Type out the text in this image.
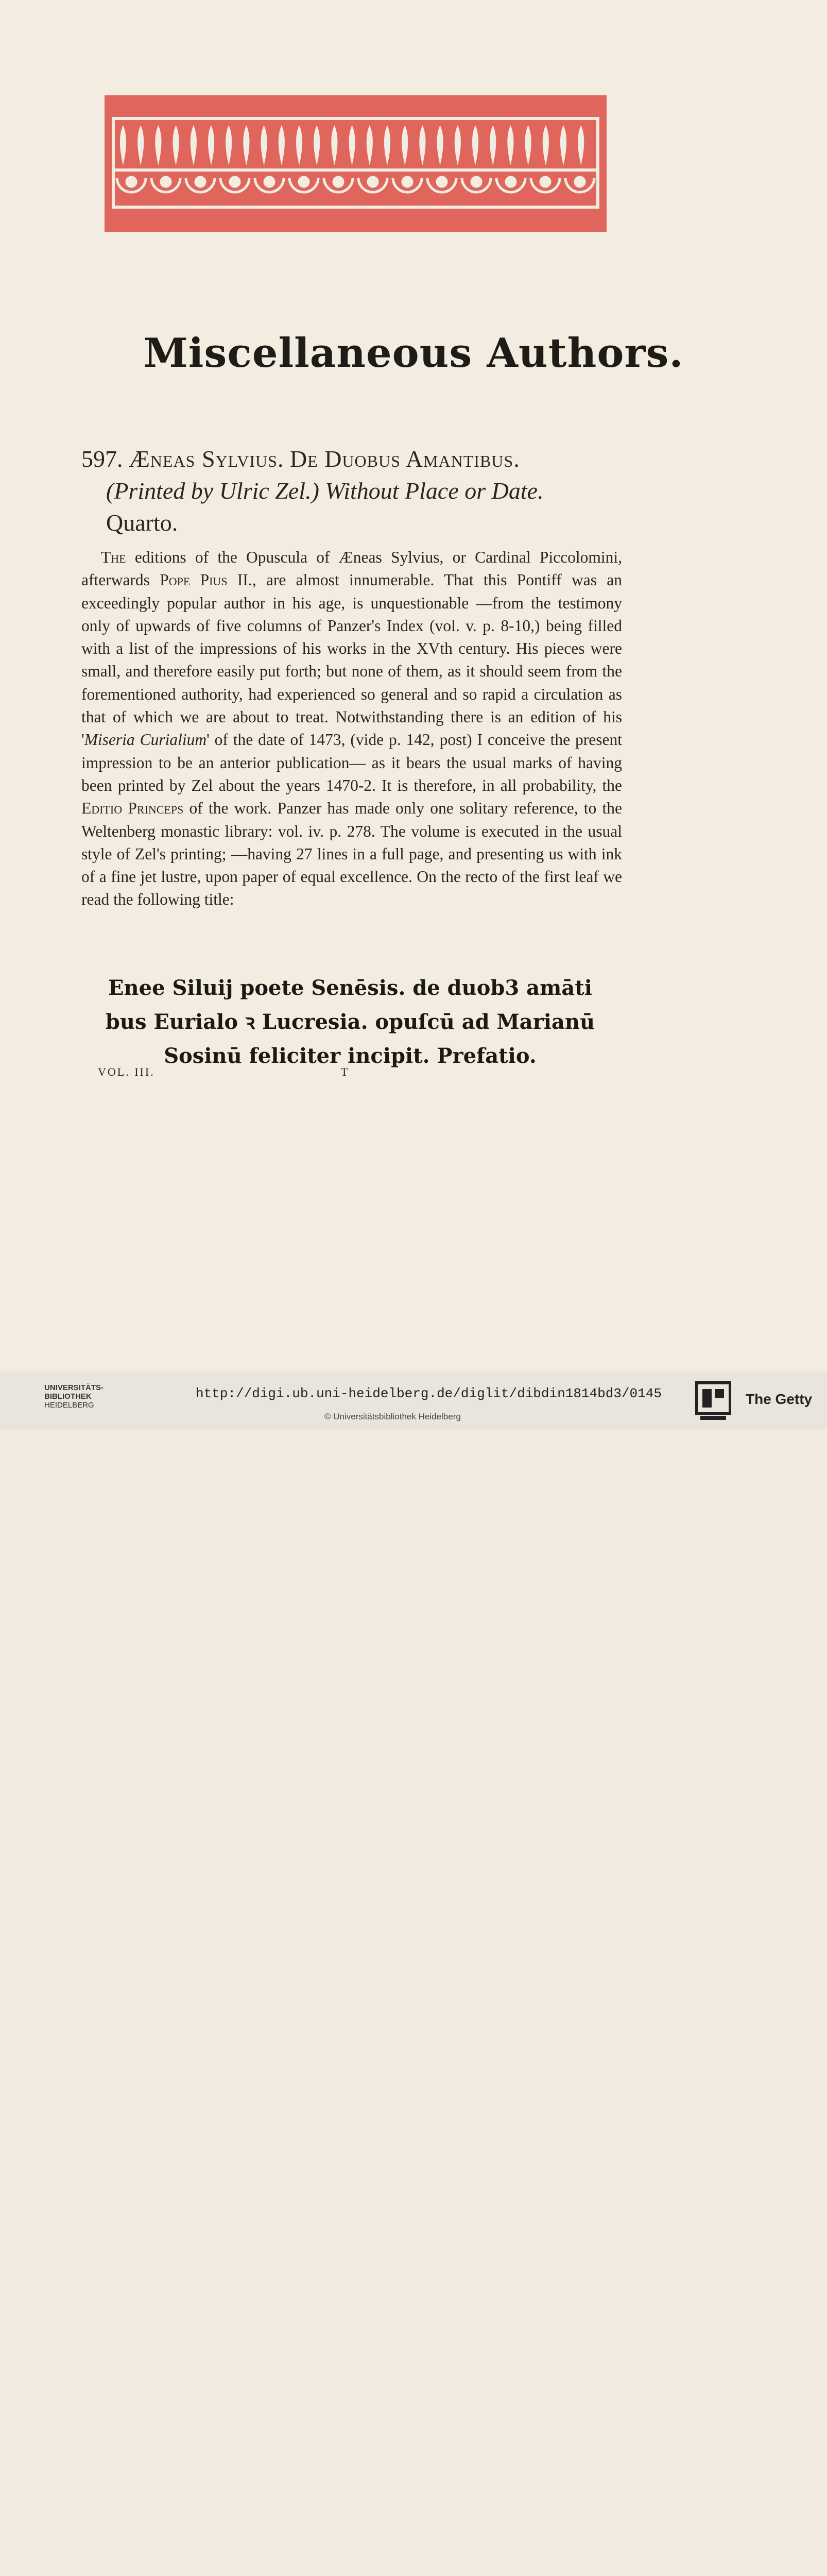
Miscellaneous Authors.
597. Æneas Sylvius. De Duobus Amantibus.
(Printed by Ulric Zel.) Without Place or Date.
Quarto.

The editions of the Opuscula of Æneas Sylvius, or Cardinal Piccolomini, afterwards Pope Pius II., are almost innumerable. That this Pontiff was an exceedingly popular author in his age, is unquestionable —from the testimony only of upwards of five columns of Panzer's Index (vol. v. p. 8-10,) being filled with a list of the impressions of his works in the XVth century. His pieces were small, and therefore easily put forth; but none of them, as it should seem from the forementioned authority, had experienced so general and so rapid a circulation as that of which we are about to treat. Notwithstanding there is an edition of his 'Miseria Curialium' of the date of 1473, (vide p. 142, post) I conceive the present impression to be an anterior publication— as it bears the usual marks of having been printed by Zel about the years 1470-2. It is therefore, in all probability, the Editio Princeps of the work. Panzer has made only one solitary reference, to the Weltenberg monastic library: vol. iv. p. 278. The volume is executed in the usual style of Zel's printing; —having 27 lines in a full page, and presenting us with ink of a fine jet lustre, upon paper of equal excellence. On the recto of the first leaf we read the following title:

Enee Siluij poete Senēsis. de duob3 amāti
bus Eurialo ꝛ Lucresia. opuſcū ad Marianū
Sosinū feliciter incipit. Prefatio.
VOL. III.	T
UNIVERSITÄTS-
BIBLIOTHEK
HEIDELBERG
http://digi.ub.uni-heidelberg.de/diglit/dibdin1814bd3/0145
© Universitätsbibliothek Heidelberg
The Getty
